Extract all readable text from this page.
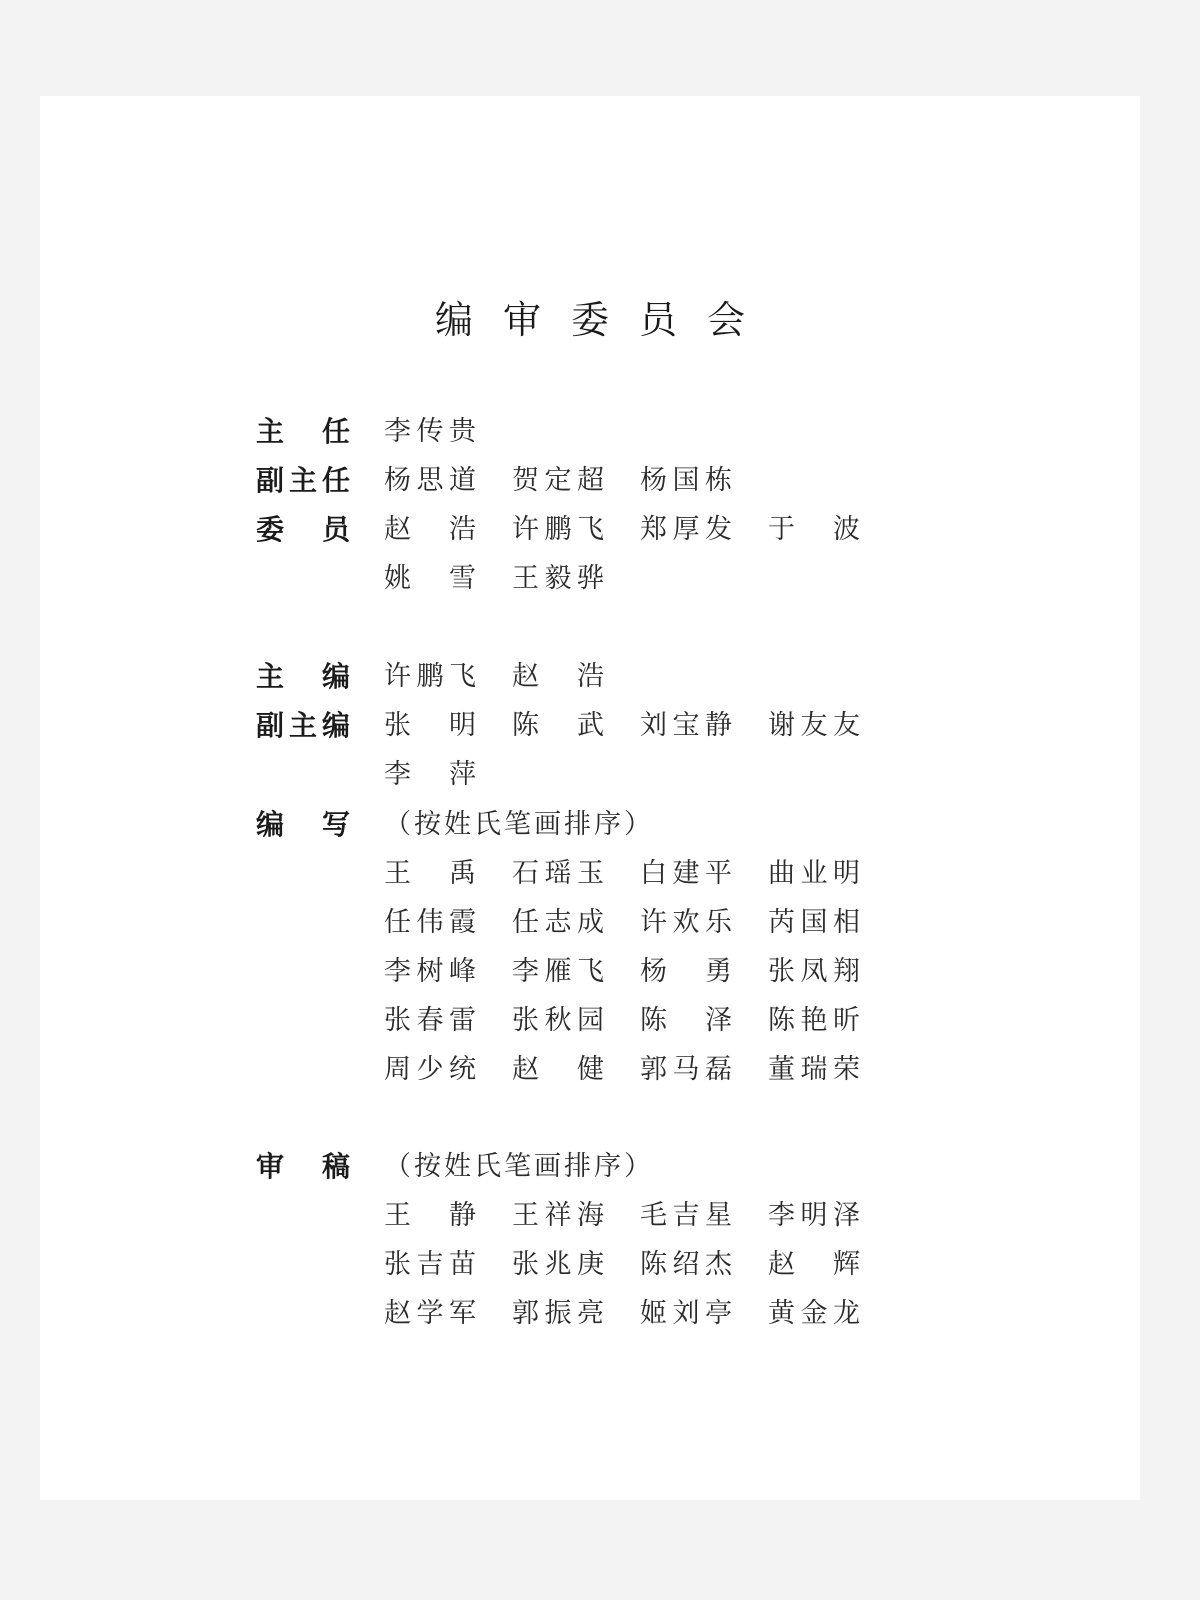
编审委员会
主 任 李 传 贵
副 主 任 杨 思 道 贺 定 超 杨 国 栋
委 员 赵 浩 许 鹏 飞 郑 厚 发 于 波
姚 雪 王 毅 骅
主 编 许 鹏 飞 赵 浩
副 主 编 张 明 陈 武 刘 宝 静 谢 友 友
李 萍
编 写 （按姓氏笔画排序）
王 禹 石 瑶 玉 白 建 平 曲 业 明
任 伟 霞 任 志 成 许 欢 乐 芮 国 相
李 树 峰 李 雁 飞 杨 勇 张 凤 翔
张 春 雷 张 秋 园 陈 泽 陈 艳 昕
周 少 统 赵 健 郭 马 磊 董 瑞 荣
审 稿 （按姓氏笔画排序）
王 静 王 祥 海 毛 吉 星 李 明 泽
张 吉 苗 张 兆 庚 陈 绍 杰 赵 辉
赵 学 军 郭 振 亮 姬 刘 亭 黄 金 龙
